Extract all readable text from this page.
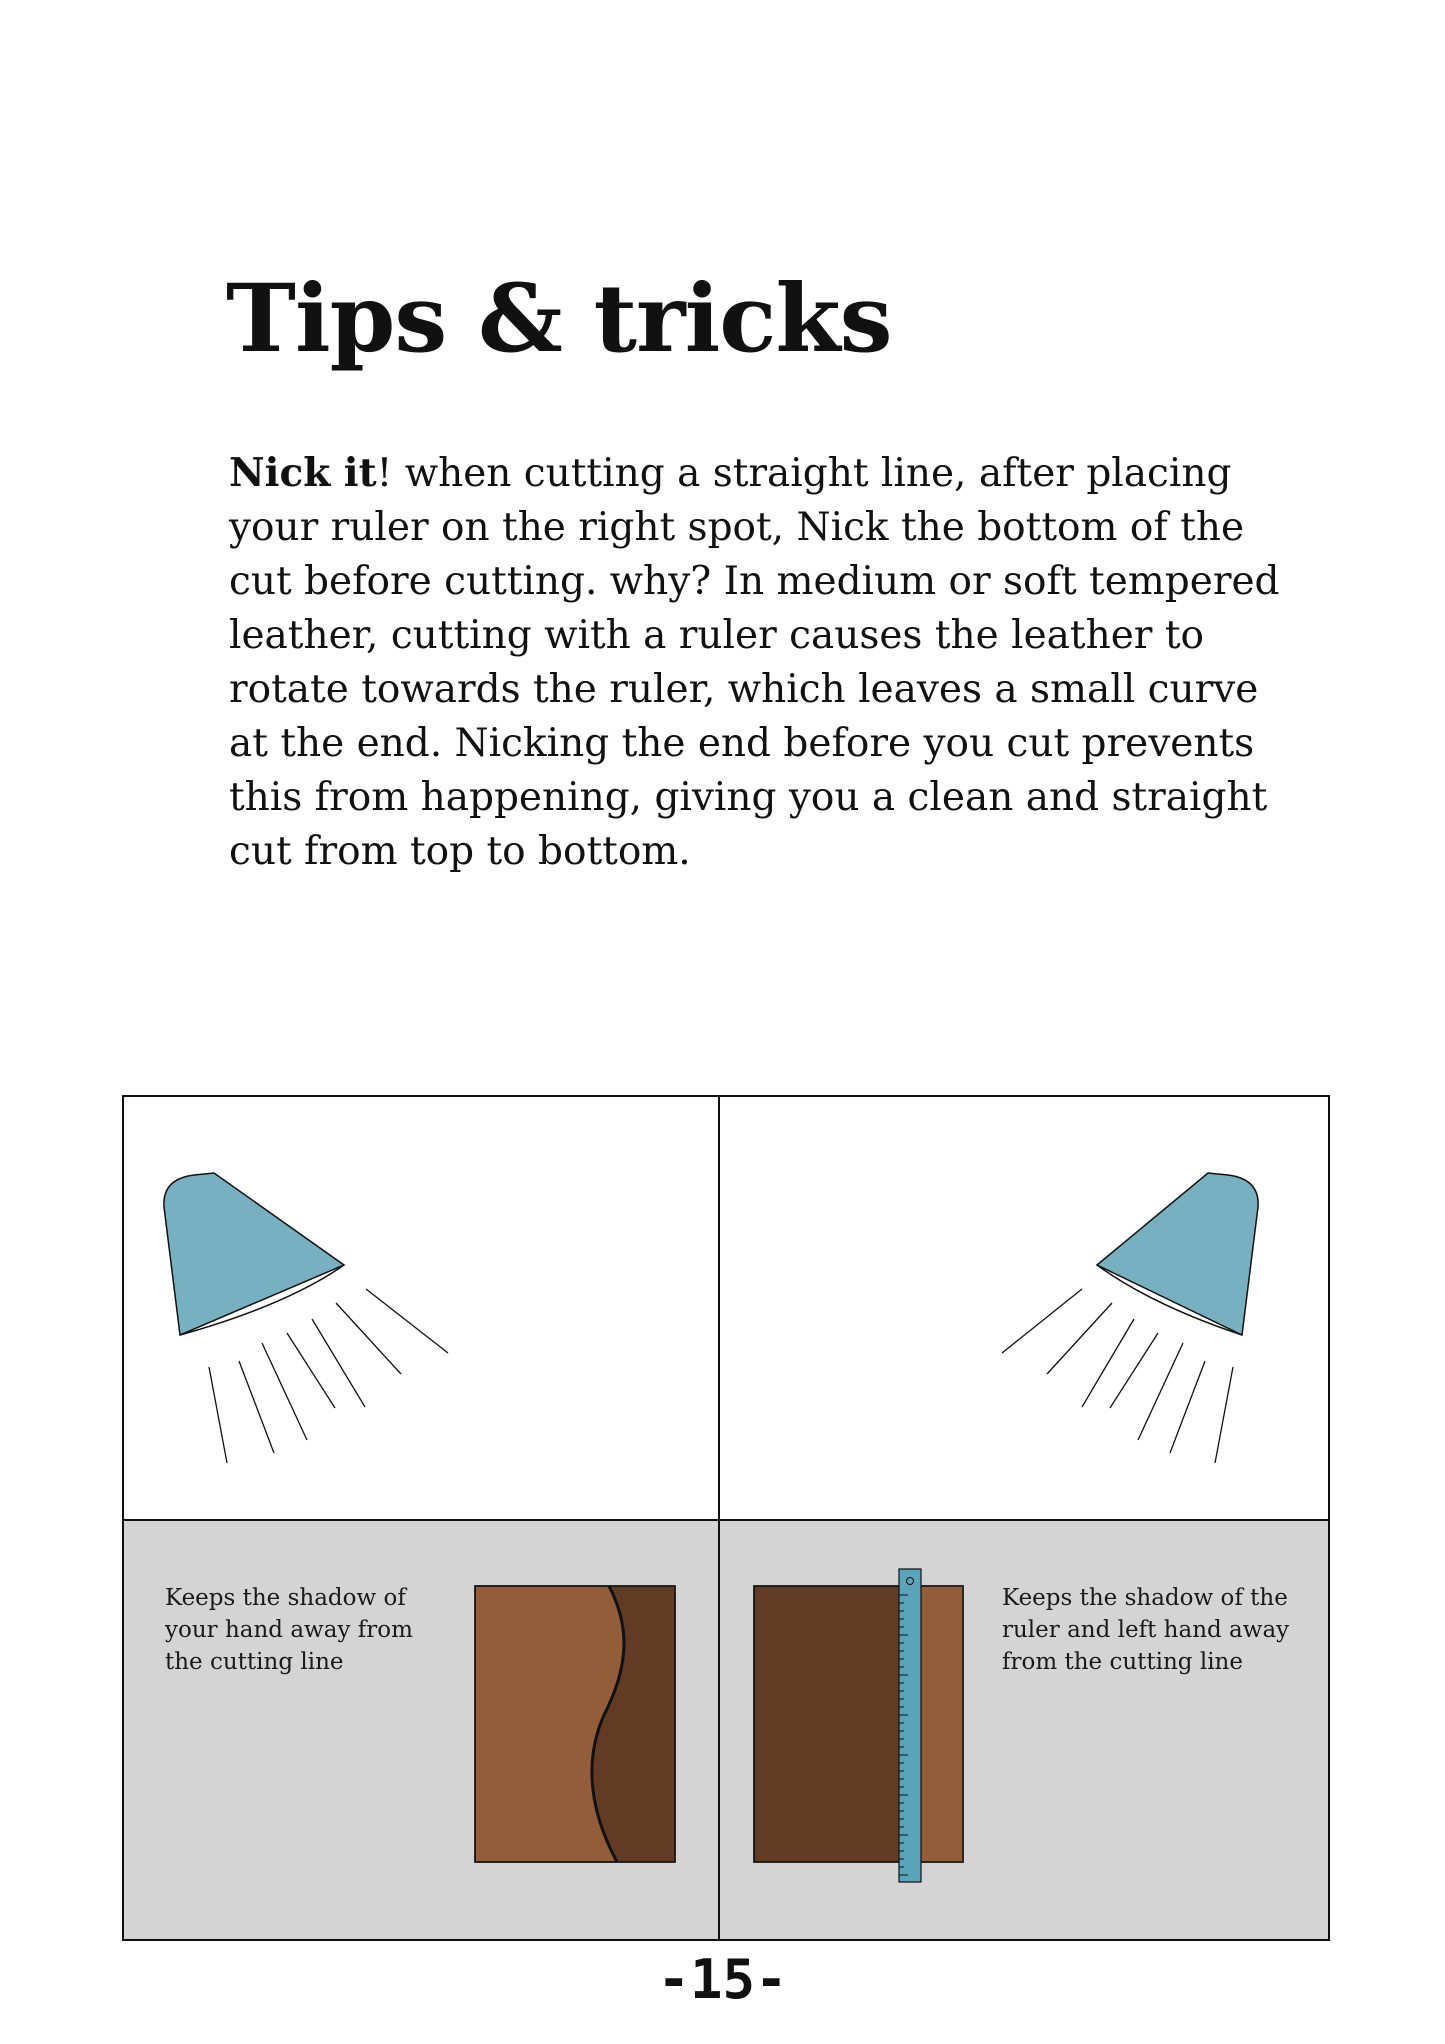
Tips & tricks

Nick it! when cutting a straight line, after placing your ruler on the right spot, Nick the bottom of the cut before cutting. why? In medium or soft tempered leather, cutting with a ruler causes the leather to rotate towards the ruler, which leaves a small curve at the end. Nicking the end before you cut prevents this from happening, giving you a clean and straight cut from top to bottom.

Keeps the shadow of your hand away from the cutting line

Keeps the shadow of the ruler and left hand away from the cutting line

-15-
